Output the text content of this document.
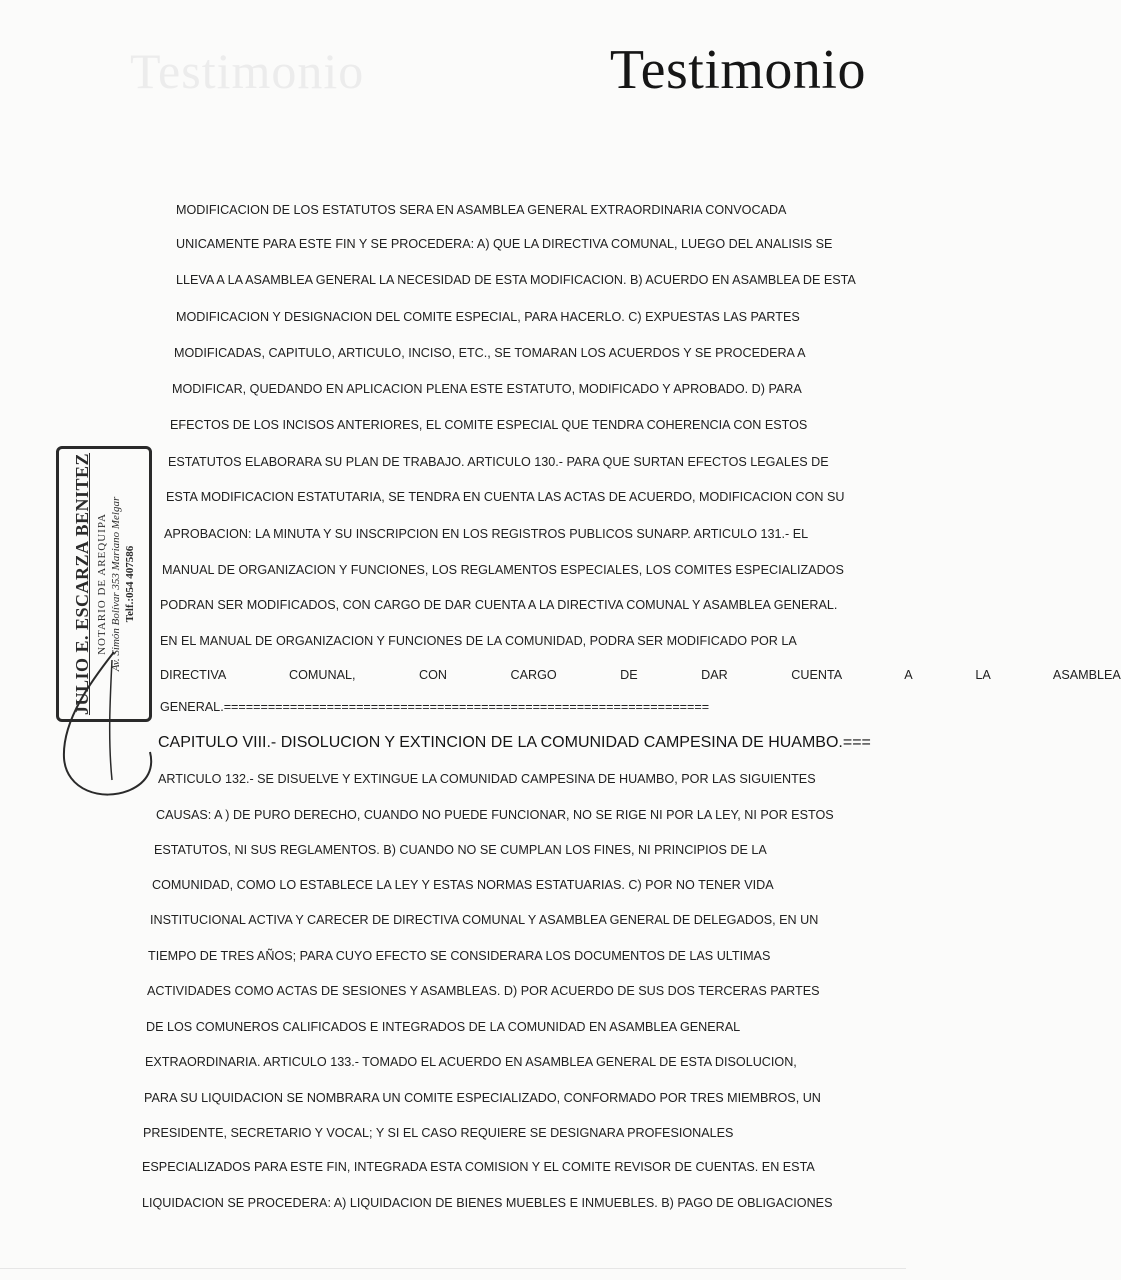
Testimonio	Testimonio
JULIO E. ESCARZA BENITEZ NOTARIO DE AREQUIPA Av. Simón Bolívar 353 Mariano Melgar Telf.:054 407586
MODIFICACION DE LOS ESTATUTOS SERA EN ASAMBLEA GENERAL EXTRAORDINARIA CONVOCADA
UNICAMENTE PARA ESTE FIN Y SE PROCEDERA: A) QUE LA DIRECTIVA COMUNAL, LUEGO DEL ANALISIS SE
LLEVA A LA ASAMBLEA GENERAL LA NECESIDAD DE ESTA MODIFICACION. B) ACUERDO EN ASAMBLEA DE ESTA
MODIFICACION Y DESIGNACION DEL COMITE ESPECIAL, PARA HACERLO. C) EXPUESTAS LAS PARTES
MODIFICADAS, CAPITULO, ARTICULO, INCISO, ETC., SE TOMARAN LOS ACUERDOS Y SE PROCEDERA A
MODIFICAR, QUEDANDO EN APLICACION PLENA ESTE ESTATUTO, MODIFICADO Y APROBADO. D) PARA
EFECTOS DE LOS INCISOS ANTERIORES, EL COMITE ESPECIAL QUE TENDRA COHERENCIA CON ESTOS
ESTATUTOS ELABORARA SU PLAN DE TRABAJO. ARTICULO 130.- PARA QUE SURTAN EFECTOS LEGALES DE
ESTA MODIFICACION ESTATUTARIA, SE TENDRA EN CUENTA LAS ACTAS DE ACUERDO, MODIFICACION CON SU
APROBACION: LA MINUTA Y SU INSCRIPCION EN LOS REGISTROS PUBLICOS SUNARP. ARTICULO 131.- EL
MANUAL DE ORGANIZACION Y FUNCIONES, LOS REGLAMENTOS ESPECIALES, LOS COMITES ESPECIALIZADOS
PODRAN SER MODIFICADOS, CON CARGO DE DAR CUENTA A LA DIRECTIVA COMUNAL Y ASAMBLEA GENERAL.
EN EL MANUAL DE ORGANIZACION Y FUNCIONES DE LA COMUNIDAD, PODRA SER MODIFICADO POR LA
DIRECTIVA COMUNAL, CON CARGO DE DAR CUENTA A LA ASAMBLEA
GENERAL.==================================================================
CAPITULO VIII.- DISOLUCION Y EXTINCION DE LA COMUNIDAD CAMPESINA DE HUAMBO.===
ARTICULO 132.- SE DISUELVE Y EXTINGUE LA COMUNIDAD CAMPESINA DE HUAMBO, POR LAS SIGUIENTES
CAUSAS: A ) DE PURO DERECHO, CUANDO NO PUEDE FUNCIONAR, NO SE RIGE NI POR LA LEY, NI POR ESTOS
ESTATUTOS, NI SUS REGLAMENTOS. B) CUANDO NO SE CUMPLAN LOS FINES, NI PRINCIPIOS DE LA
COMUNIDAD, COMO LO ESTABLECE LA LEY Y ESTAS NORMAS ESTATUARIAS. C) POR NO TENER VIDA
INSTITUCIONAL ACTIVA Y CARECER DE DIRECTIVA COMUNAL Y ASAMBLEA GENERAL DE DELEGADOS, EN UN
TIEMPO DE TRES AÑOS; PARA CUYO EFECTO SE CONSIDERARA LOS DOCUMENTOS DE LAS ULTIMAS
ACTIVIDADES COMO ACTAS DE SESIONES Y ASAMBLEAS. D) POR ACUERDO DE SUS DOS TERCERAS PARTES
DE LOS COMUNEROS CALIFICADOS E INTEGRADOS DE LA COMUNIDAD EN ASAMBLEA GENERAL
EXTRAORDINARIA. ARTICULO 133.- TOMADO EL ACUERDO EN ASAMBLEA GENERAL DE ESTA DISOLUCION,
PARA SU LIQUIDACION SE NOMBRARA UN COMITE ESPECIALIZADO, CONFORMADO POR TRES MIEMBROS, UN
PRESIDENTE, SECRETARIO Y VOCAL; Y SI EL CASO REQUIERE SE DESIGNARA PROFESIONALES
ESPECIALIZADOS PARA ESTE FIN, INTEGRADA ESTA COMISION Y EL COMITE REVISOR DE CUENTAS. EN ESTA
LIQUIDACION SE PROCEDERA: A) LIQUIDACION DE BIENES MUEBLES E INMUEBLES. B) PAGO DE OBLIGACIONES
